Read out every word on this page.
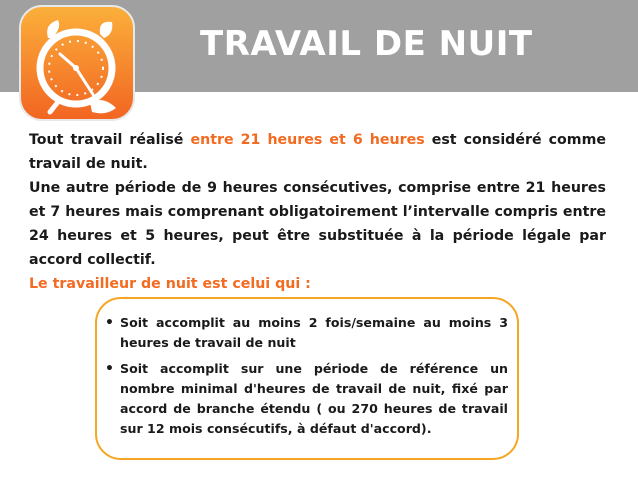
TRAVAIL DE NUIT

Tout travail réalisé entre 21 heures et 6 heures est considéré comme travail de nuit.

Une autre période de 9 heures consécutives, comprise entre 21 heures et 7 heures mais comprenant obligatoirement l’intervalle compris entre 24 heures et 5 heures, peut être substituée à la période légale par accord collectif.

Le travailleur de nuit est celui qui :

• Soit accomplit au moins 2 fois/semaine au moins 3 heures de travail de nuit
• Soit accomplit sur une période de référence un nombre minimal d'heures de travail de nuit, fixé par accord de branche étendu ( ou 270 heures de travail sur 12 mois consécutifs, à défaut d'accord).
